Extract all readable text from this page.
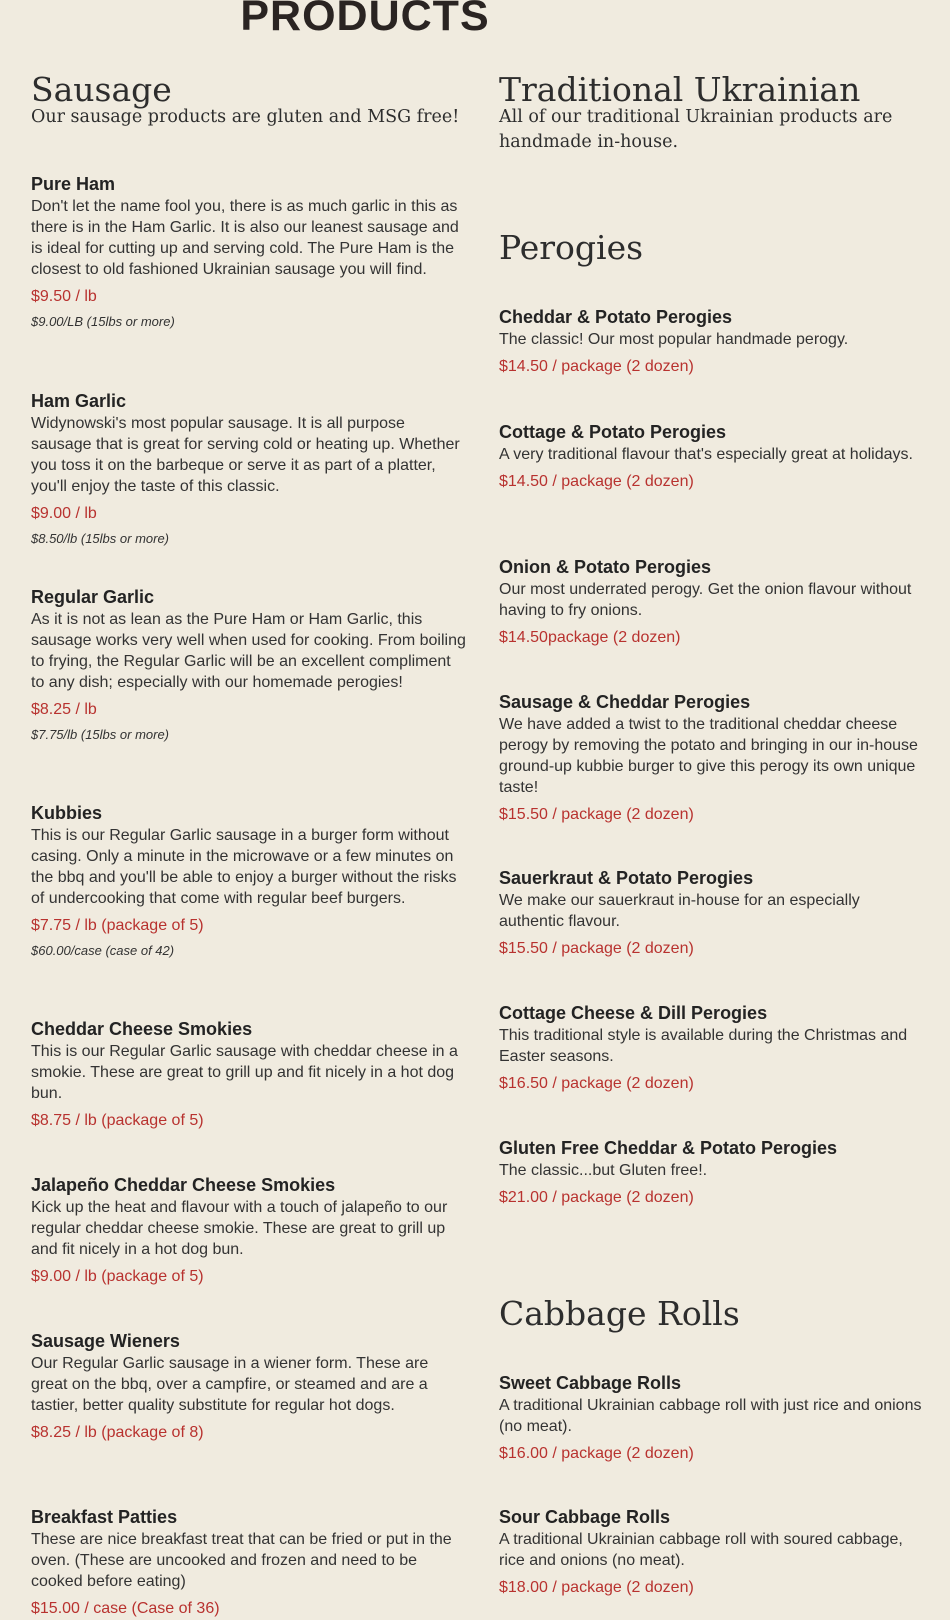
PRODUCTS
Sausage

Our sausage products are gluten and MSG free!

Pure Ham

Don't let the name fool you, there is as much garlic in this as there is in the Ham Garlic. It is also our leanest sausage and is ideal for cutting up and serving cold. The Pure Ham is the closest to old fashioned Ukrainian sausage you will find.

$9.50 / lb

$9.00/LB (15lbs or more)

Ham Garlic

Widynowski's most popular sausage. It is all purpose sausage that is great for serving cold or heating up. Whether you toss it on the barbeque or serve it as part of a platter, you'll enjoy the taste of this classic.

$9.00 / lb

$8.50/lb (15lbs or more)

Regular Garlic

As it is not as lean as the Pure Ham or Ham Garlic, this sausage works very well when used for cooking. From boiling to frying, the Regular Garlic will be an excellent compliment to any dish; especially with our homemade perogies!

$8.25 / lb

$7.75/lb (15lbs or more)

Kubbies

This is our Regular Garlic sausage in a burger form without casing. Only a minute in the microwave or a few minutes on the bbq and you'll be able to enjoy a burger without the risks of undercooking that come with regular beef burgers.

$7.75 / lb (package of 5)

$60.00/case (case of 42)

Cheddar Cheese Smokies

This is our Regular Garlic sausage with cheddar cheese in a smokie. These are great to grill up and fit nicely in a hot dog bun.

$8.75 / lb (package of 5)

Jalapeño Cheddar Cheese Smokies

Kick up the heat and flavour with a touch of jalapeño to our regular cheddar cheese smokie. These are great to grill up and fit nicely in a hot dog bun.

$9.00 / lb (package of 5)

Sausage Wieners

Our Regular Garlic sausage in a wiener form. These are great on the bbq, over a campfire, or steamed and are a tastier, better quality substitute for regular hot dogs.

$8.25 / lb (package of 8)

Breakfast Patties

These are nice breakfast treat that can be fried or put in the oven. (These are uncooked and frozen and need to be cooked before eating)

$15.00 / case (Case of 36)

Traditional Ukrainian

All of our traditional Ukrainian products are handmade in-house.

Perogies
Cheddar & Potato Perogies

The classic! Our most popular handmade perogy.

$14.50 / package (2 dozen)

Cottage & Potato Perogies

A very traditional flavour that's especially great at holidays.

$14.50 / package (2 dozen)

Onion & Potato Perogies

Our most underrated perogy. Get the onion flavour without having to fry onions.

$14.50package (2 dozen)

Sausage & Cheddar Perogies

We have added a twist to the traditional cheddar cheese perogy by removing the potato and bringing in our in-house ground-up kubbie burger to give this perogy its own unique taste!

$15.50 / package (2 dozen)

Sauerkraut & Potato Perogies

We make our sauerkraut in-house for an especially authentic flavour.

$15.50 / package (2 dozen)

Cottage Cheese & Dill Perogies

This traditional style is available during the Christmas and Easter seasons.

$16.50 / package (2 dozen)

Gluten Free Cheddar & Potato Perogies

The classic...but Gluten free!.

$21.00 / package (2 dozen)

Cabbage Rolls
Sweet Cabbage Rolls

A traditional Ukrainian cabbage roll with just rice and onions (no meat).

$16.00 / package (2 dozen)

Sour Cabbage Rolls

A traditional Ukrainian cabbage roll with soured cabbage, rice and onions (no meat).

$18.00 / package (2 dozen)
